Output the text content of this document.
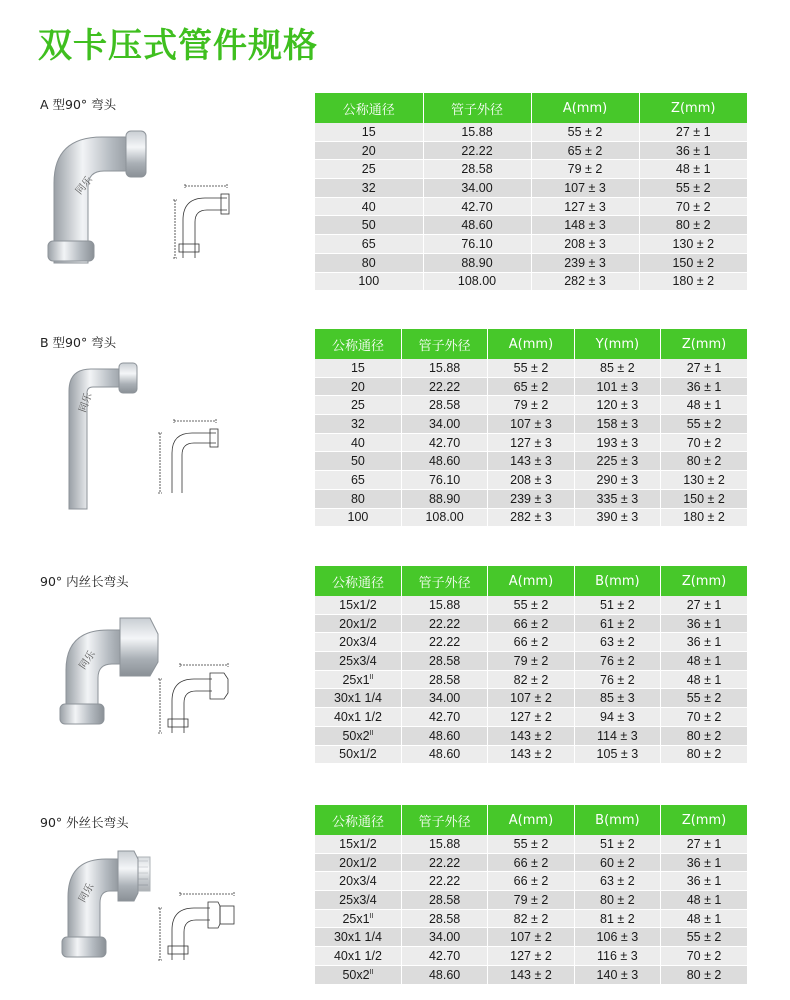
双卡压式管件规格
A 型90° 弯头
同乐
公称通径	管子外径	A(mm)	Z(mm)
15	15.88	55 ± 2	27 ± 1
20	22.22	65 ± 2	36 ± 1
25	28.58	79 ± 2	48 ± 1
32	34.00	107 ± 3	55 ± 2
40	42.70	127 ± 3	70 ± 2
50	48.60	148 ± 3	80 ± 2
65	76.10	208 ± 3	130 ± 2
80	88.90	239 ± 3	150 ± 2
100	108.00	282 ± 3	180 ± 2
B 型90° 弯头
同乐
公称通径	管子外径	A(mm)	Y(mm)	Z(mm)
15	15.88	55 ± 2	85 ± 2	27 ± 1
20	22.22	65 ± 2	101 ± 3	36 ± 1
25	28.58	79 ± 2	120 ± 3	48 ± 1
32	34.00	107 ± 3	158 ± 3	55 ± 2
40	42.70	127 ± 3	193 ± 3	70 ± 2
50	48.60	143 ± 3	225 ± 3	80 ± 2
65	76.10	208 ± 3	290 ± 3	130 ± 2
80	88.90	239 ± 3	335 ± 3	150 ± 2
100	108.00	282 ± 3	390 ± 3	180 ± 2
90° 内丝长弯头
同乐
公称通径	管子外径	A(mm)	B(mm)	Z(mm)
15x1/2	15.88	55 ± 2	51 ± 2	27 ± 1
20x1/2	22.22	66 ± 2	61 ± 2	36 ± 1
20x3/4	22.22	66 ± 2	63 ± 2	36 ± 1
25x3/4	28.58	79 ± 2	76 ± 2	48 ± 1
$25x1^{II}$	28.58	82 ± 2	76 ± 2	48 ± 1
30x1 1/4	34.00	107 ± 2	85 ± 3	55 ± 2
40x1 1/2	42.70	127 ± 2	94 ± 3	70 ± 2
$50x2^{II}$	48.60	143 ± 2	114 ± 3	80 ± 2
50x1/2	48.60	143 ± 2	105 ± 3	80 ± 2
90° 外丝长弯头
同乐
公称通径	管子外径	A(mm)	B(mm)	Z(mm)
15x1/2	15.88	55 ± 2	51 ± 2	27 ± 1
20x1/2	22.22	66 ± 2	60 ± 2	36 ± 1
20x3/4	22.22	66 ± 2	63 ± 2	36 ± 1
25x3/4	28.58	79 ± 2	80 ± 2	48 ± 1
$25x1^{II}$	28.58	82 ± 2	81 ± 2	48 ± 1
30x1 1/4	34.00	107 ± 2	106 ± 3	55 ± 2
40x1 1/2	42.70	127 ± 2	116 ± 3	70 ± 2
$50x2^{II}$	48.60	143 ± 2	140 ± 3	80 ± 2
